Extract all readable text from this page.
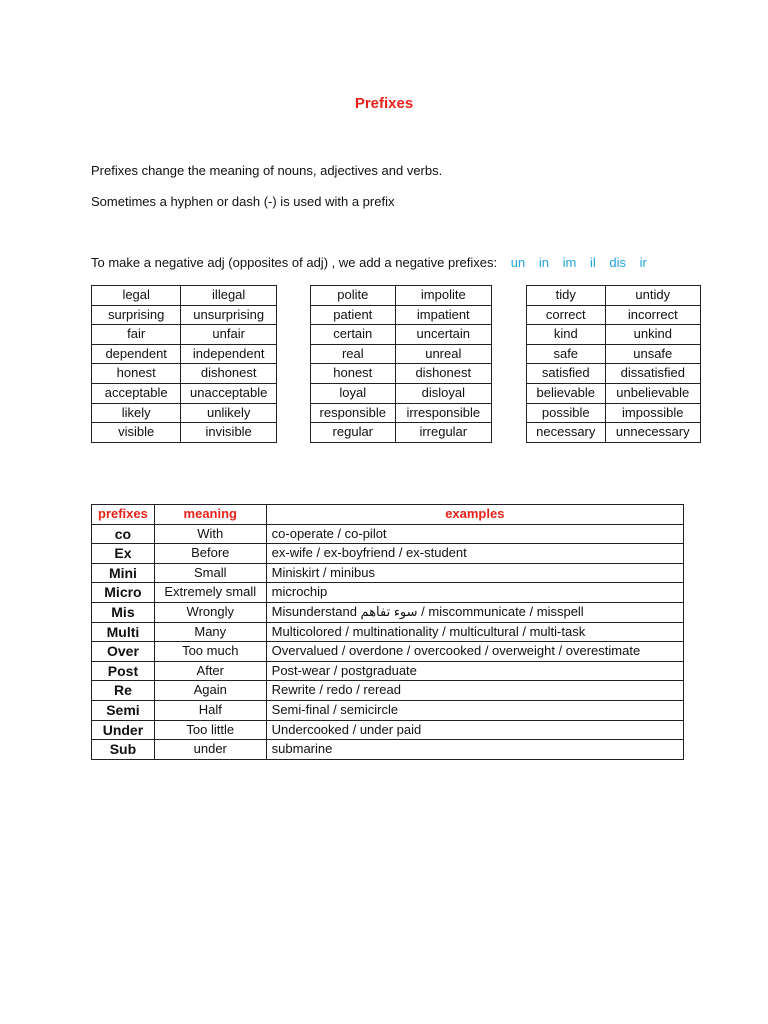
Prefixes
Prefixes change the meaning of nouns, adjectives and verbs.
Sometimes a hyphen or dash (-) is used with a prefix
To make a negative adj (opposites of adj) , we add a negative prefixes: un in im il dis ir
legal	illegal
surprising	unsurprising
fair	unfair
dependent	independent
honest	dishonest
acceptable	unacceptable
likely	unlikely
visible	invisible
polite	impolite
patient	impatient
certain	uncertain
real	unreal
honest	dishonest
loyal	disloyal
responsible	irresponsible
regular	irregular
tidy	untidy
correct	incorrect
kind	unkind
safe	unsafe
satisfied	dissatisfied
believable	unbelievable
possible	impossible
necessary	unnecessary
prefixes	meaning	examples
co	With	co-operate / co-pilot
Ex	Before	ex-wife / ex-boyfriend / ex-student
Mini	Small	Miniskirt / minibus
Micro	Extremely small	microchip
Mis	Wrongly	Misunderstand سوء تفاهم / miscommunicate / misspell
Multi	Many	Multicolored / multinationality / multicultural / multi-task
Over	Too much	Overvalued / overdone / overcooked / overweight / overestimate
Post	After	Post-wear / postgraduate
Re	Again	Rewrite / redo / reread
Semi	Half	Semi-final / semicircle
Under	Too little	Undercooked / under paid
Sub	under	submarine
